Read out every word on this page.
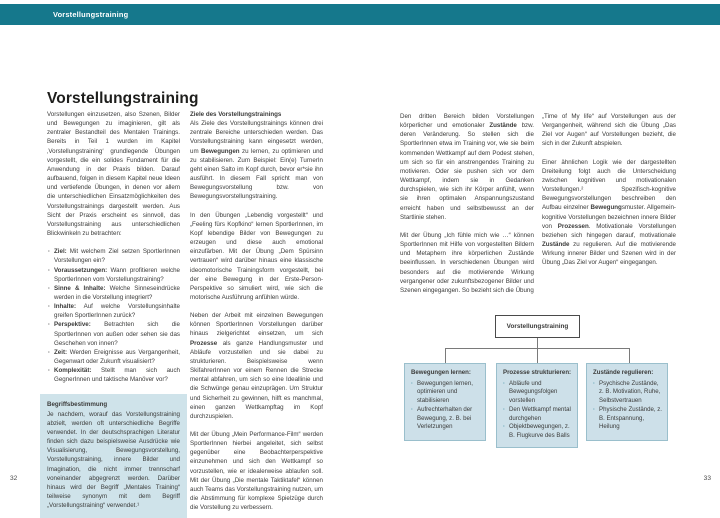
Vorstellungstraining
Vorstellungstraining

Vorstellungen einzusetzen, also Szenen, Bilder und Bewegungen zu imaginieren, gilt als zentraler Bestandteil des Mentalen Trainings. Bereits in Teil 1 wurden im Kapitel ‚Vorstellungstraining‘ grundlegende Übungen vorgestellt, die ein solides Fundament für die Anwendung in der Praxis bilden. Darauf aufbauend, folgen in diesem Kapitel neue Ideen und vertiefende Übungen, in denen vor allem die unterschiedlichen Einsatzmöglichkeiten des Vorstellungstrainings dargestellt werden. Aus Sicht der Praxis erscheint es sinnvoll, das Vorstellungstraining aus unterschiedlichen Blickwinkeln zu betrachten:

· Ziel: Mit welchem Ziel setzen SportlerInnen Vorstellungen ein?
· Voraussetzungen: Wann profitieren welche SportlerInnen vom Vorstellungstraining?
· Sinne & Inhalte: Welche Sinneseindrücke werden in die Vorstellung integriert?
· Inhalte: Auf welche Vorstellungsinhalte greifen SportlerInnen zurück?
· Perspektive: Betrachten sich die SportlerInnen von außen oder sehen sie das Geschehen von innen?
· Zeit: Werden Ereignisse aus Vergangenheit, Gegenwart oder Zukunft visualisiert?
· Komplexität: Stellt man sich auch GegnerInnen und taktische Manöver vor?
Begriffsbestimmung
Je nachdem, worauf das Vorstellungstraining abzielt, werden oft unterschiedliche Begriffe verwendet. In der deutschsprachigen Literatur finden sich dazu beispielsweise Ausdrücke wie Visualisierung, Bewegungsvorstellung, Vorstellungstraining, innere Bilder und Imagination, die nicht immer trennscharf voneinander abgegrenzt werden. Darüber hinaus wird der Begriff „Mentales Training“ teilweise synonym mit dem Begriff „Vorstellungstraining“ verwendet.¹

Ziele des Vorstellungstrainings

Als Ziele des Vorstellungstrainings können drei zentrale Bereiche unterschieden werden. Das Vorstellungstraining kann eingesetzt werden, um Bewegungen zu lernen, zu optimieren und zu stabilisieren. Zum Beispiel: Ein(e) TurnerIn geht einen Salto im Kopf durch, bevor er*sie ihn ausführt. In diesem Fall spricht man von Bewegungsvorstellung bzw. von Bewegungsvorstellungstraining.

In den Übungen „Lebendig vorgestellt“ und „Feeling fürs Kopfkino“ lernen SportlerInnen, im Kopf lebendige Bilder von Bewegungen zu erzeugen und diese auch emotional einzufärben. Mit der Übung „Dem Spürsinn vertrauen“ wird darüber hinaus eine klassische ideomotorische Trainingsform vorgestellt, bei der eine Bewegung in der Erste-Person-Perspektive so simuliert wird, wie sich die motorische Ausführung anfühlen würde.

Neben der Arbeit mit einzelnen Bewegungen können SportlerInnen Vorstellungen darüber hinaus zielgerichtet einsetzen, um sich Prozesse als ganze Handlungsmuster und Abläufe vorzustellen und sie dabei zu strukturieren. Beispielsweise wenn SkifahrerInnen vor einem Rennen die Strecke mental abfahren, um sich so eine Ideallinie und die Schwünge genau einzuprägen. Um Struktur und Sicherheit zu gewinnen, hilft es manchmal, einen ganzen Wettkampftag im Kopf durchzuspielen.

Mit der Übung „Mein Performance-Film“ werden SportlerInnen hierbei angeleitet, sich selbst gegenüber eine Beobachterperspektive einzunehmen und sich den Wettkampf so vorzustellen, wie er idealerweise ablaufen soll. Mit der Übung „Die mentale Taktiktafel“ können auch Teams das Vorstellungstraining nutzen, um die Abstimmung für komplexe Spielzüge durch die Vorstellung zu verbessern.

Den dritten Bereich bilden Vorstellungen körperlicher und emotionaler Zustände bzw. deren Veränderung. So stellen sich die SportlerInnen etwa im Training vor, wie sie beim kommenden Wettkampf auf dem Podest stehen, um sich so für ein anstrengendes Training zu motivieren. Oder sie pushen sich vor dem Wettkampf, indem sie in Gedanken durchspielen, wie sich ihr Körper anfühlt, wenn sie ihren optimalen Anspannungszustand erreicht haben und selbstbewusst an der Startlinie stehen.

Mit der Übung „Ich fühle mich wie …“ können SportlerInnen mit Hilfe von vorgestellten Bildern und Metaphern ihre körperlichen Zustände beeinflussen. In verschiedenen Übungen wird besonders auf die motivierende Wirkung vergangener oder zukunftsbezogener Bilder und Szenen eingegangen. So bezieht sich die Übung

„Time of My life“ auf Vorstellungen aus der Vergangenheit, während sich die Übung „Das Ziel vor Augen“ auf Vorstellungen bezieht, die sich in der Zukunft abspielen.

Einer ähnlichen Logik wie der dargestellten Dreiteilung folgt auch die Unterscheidung zwischen kognitiven und motivationalen Vorstellungen.² Spezifisch-kognitive Bewegungsvorstellungen beschreiben den Aufbau einzelner Bewegungsmuster. Allgemein-kognitive Vorstellungen bezeichnen innere Bilder von Prozessen. Motivationale Vorstellungen beziehen sich hingegen darauf, motivationale Zustände zu regulieren. Auf die motivierende Wirkung innerer Bilder und Szenen wird in der Übung „Das Ziel vor Augen“ eingegangen.

Vorstellungstraining
Bewegungen lernen:
· Bewegungen lernen, optimieren und stabilisieren
· Aufrechterhalten der Bewegung, z. B. bei Verletzungen
Prozesse strukturieren:
· Abläufe und Bewegungsfolgen vorstellen
· Den Wettkampf mental durchgehen
· Objektbewegungen, z. B. Flugkurve des Balls
Zustände regulieren:
· Psychische Zustände, z. B. Motivation, Ruhe, Selbstvertrauen
· Physische Zustände, z. B. Entspannung, Heilung
32	33
